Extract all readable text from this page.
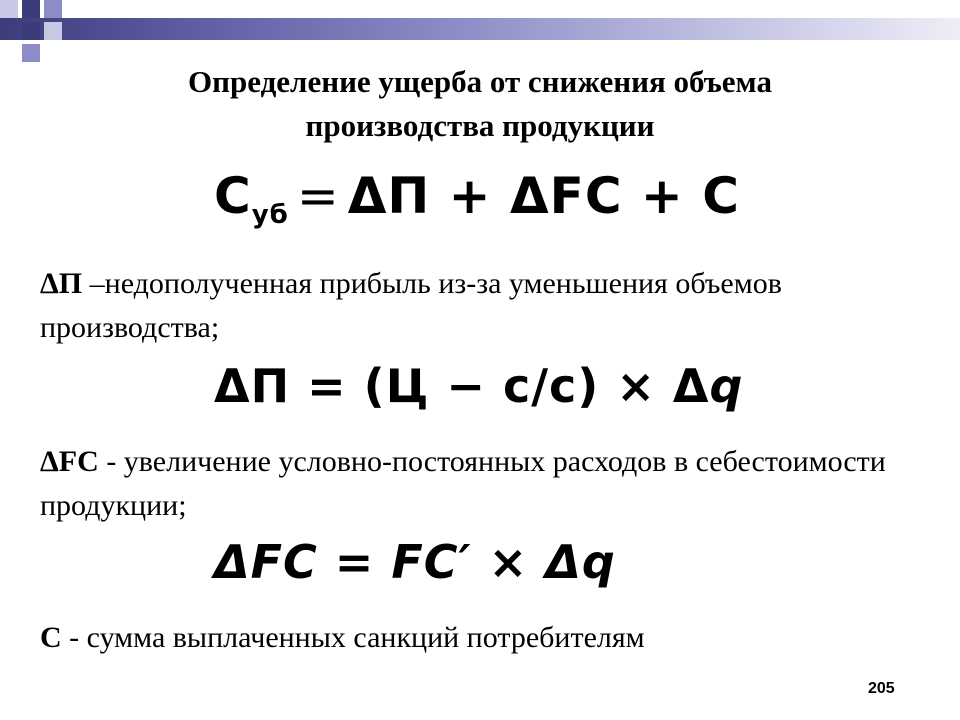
Определение ущерба от снижения объема
производства продукции
$С_{уб} = \Delta П + \Delta FC + С$
ΔП –недополученная прибыль из-за уменьшения объемов производства;
ΔП = (Ц − с/с) × Δq
ΔFC - увеличение условно-постоянных расходов в себестоимости продукции;
ΔFC = FC′ × Δq
С - сумма выплаченных санкций потребителям
205
